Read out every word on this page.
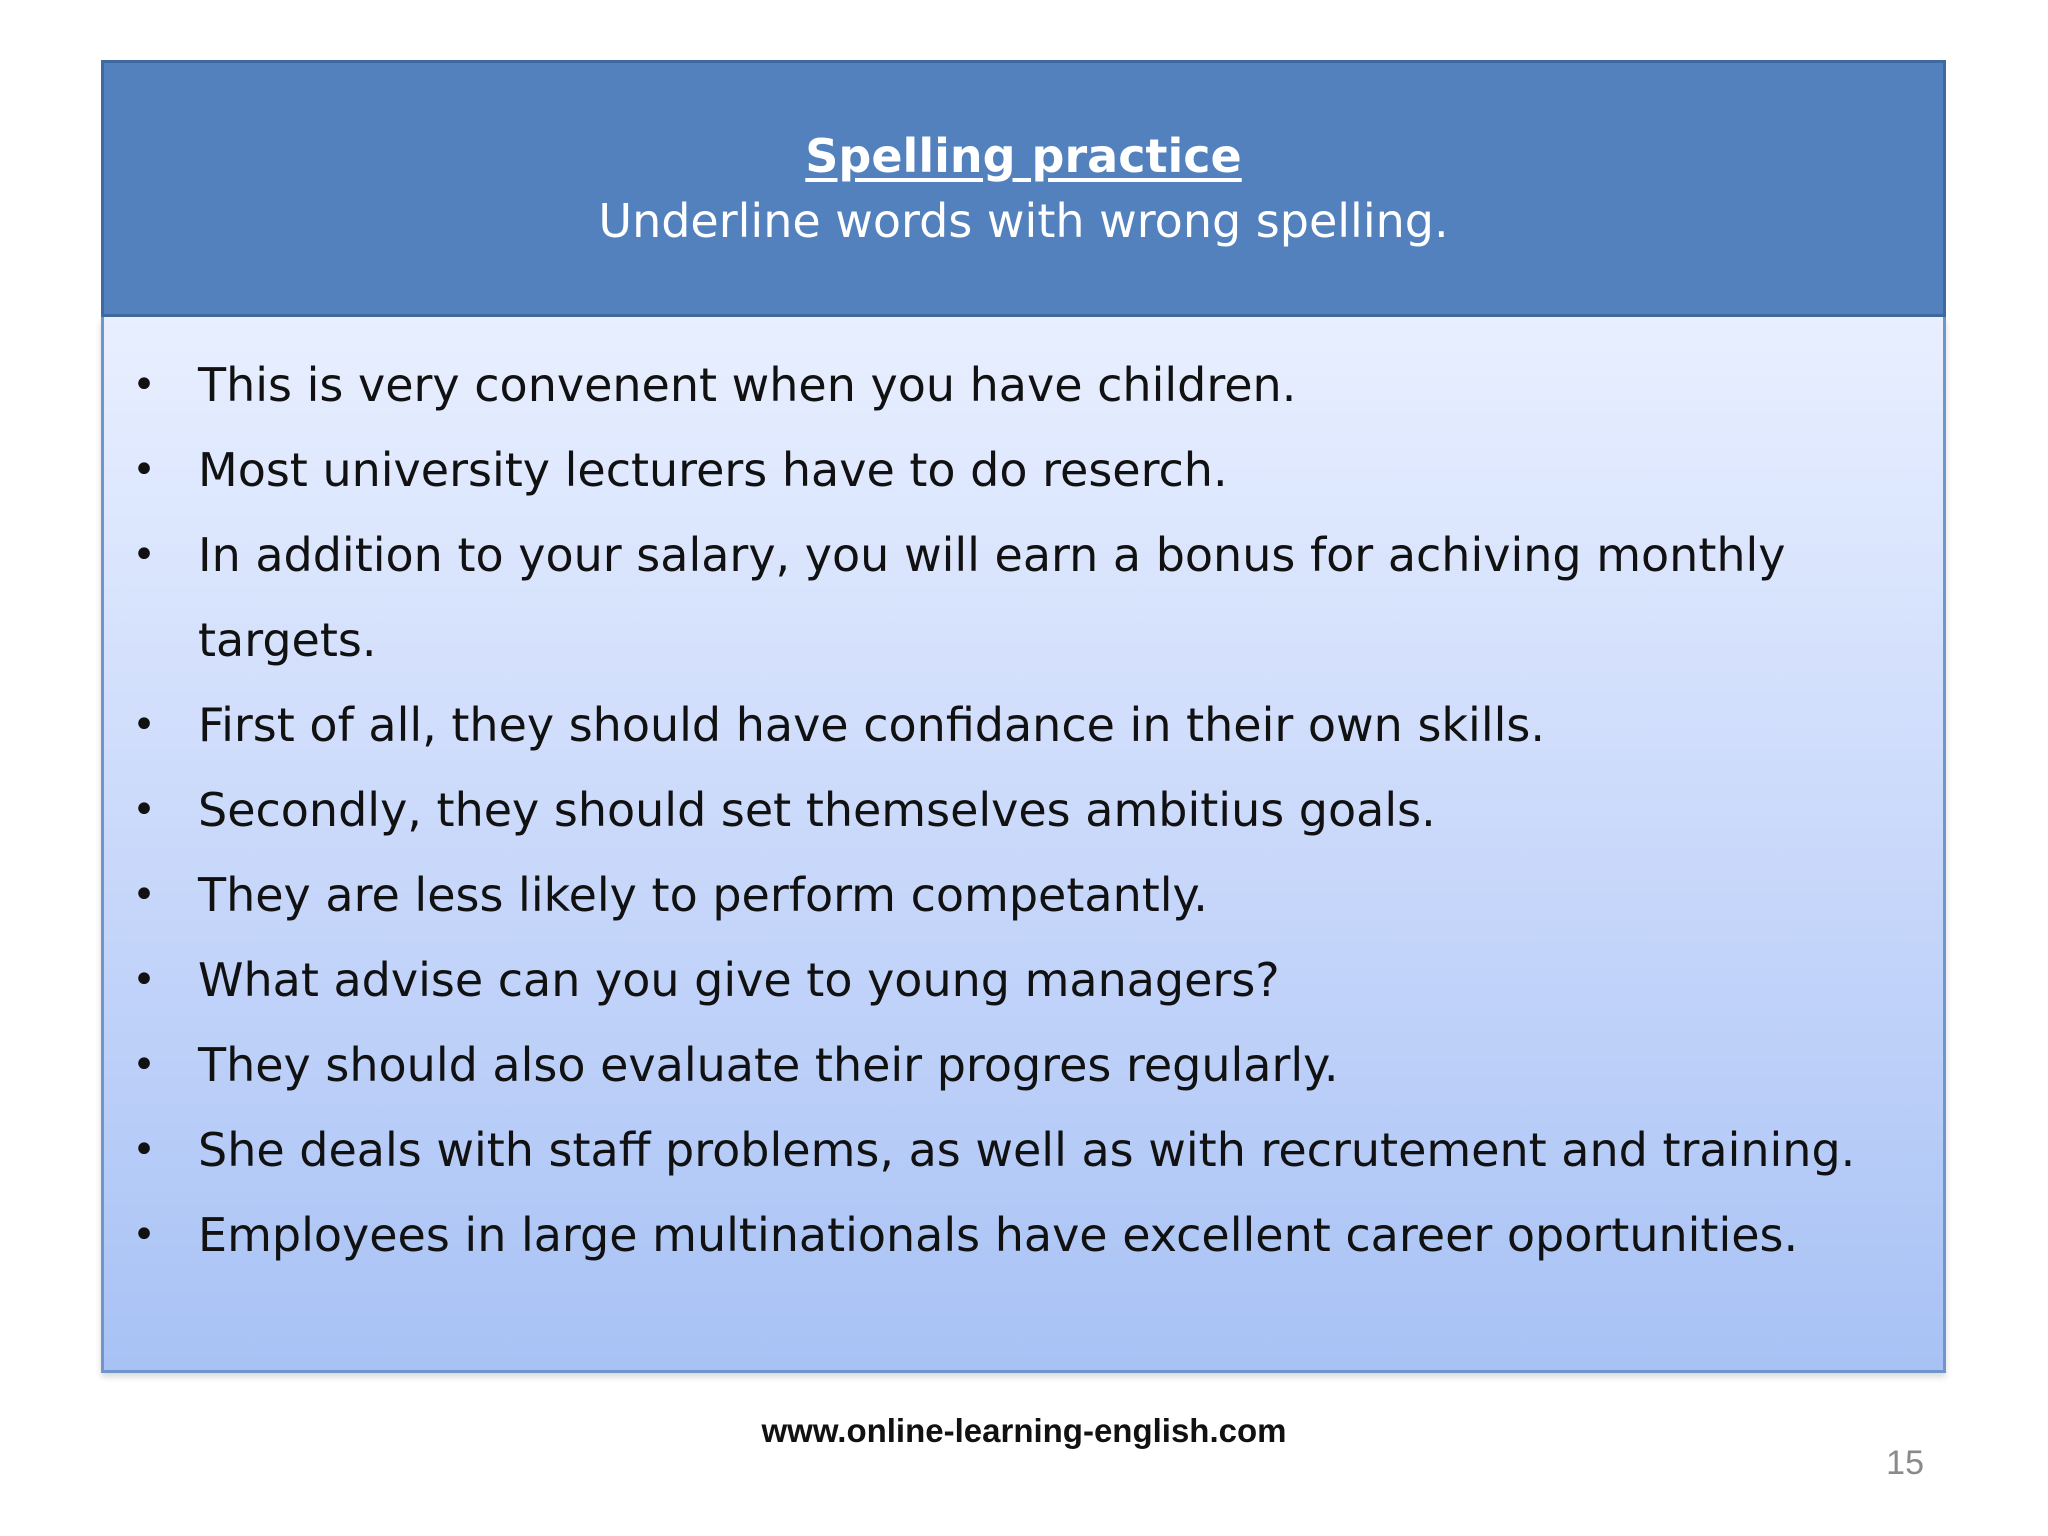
Spelling practice
Underline words with wrong spelling.
• This is very convenent when you have children.
• Most university lecturers have to do reserch.
• In addition to your salary, you will earn a bonus for achiving monthly targets.
• First of all, they should have confidance in their own skills.
• Secondly, they should set themselves ambitius goals.
• They are less likely to perform competantly.
• What advise can you give to young managers?
• They should also evaluate their progres regularly.
• She deals with staff problems, as well as with recrutement and training.
• Employees in large multinationals have excellent career oportunities.
www.online-learning-english.com
15
